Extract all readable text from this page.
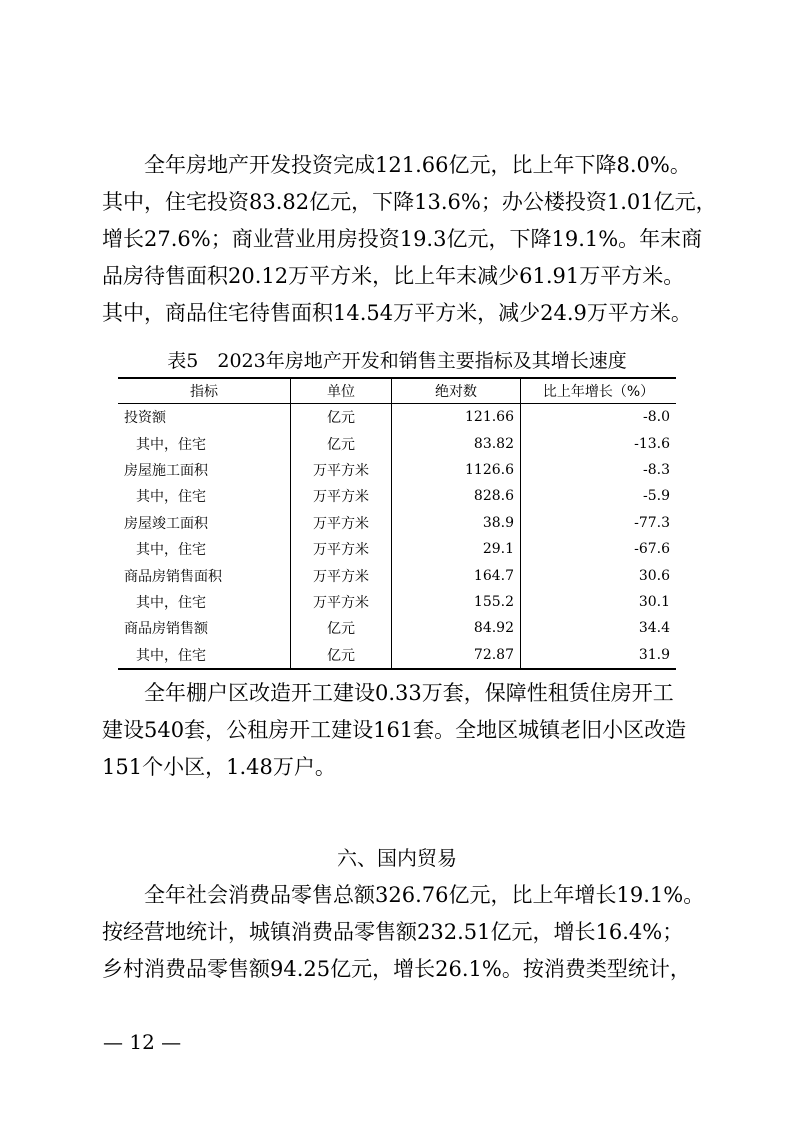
全年房地产开发投资完成121.66亿元，比上年下降8.0%。
其中，住宅投资83.82亿元，下降13.6%；办公楼投资1.01亿元，
增长27.6%；商业营业用房投资19.3亿元，下降19.1%。年末商
品房待售面积20.12万平方米，比上年末减少61.91万平方米。
其中，商品住宅待售面积14.54万平方米，减少24.9万平方米。

表5　2023年房地产开发和销售主要指标及其增长速度
指标	单位	绝对数	比上年增长（%）
投资额	亿元	121.66	-8.0
其中，住宅	亿元	83.82	-13.6
房屋施工面积	万平方米	1126.6	-8.3
其中，住宅	万平方米	828.6	-5.9
房屋竣工面积	万平方米	38.9	-77.3
其中，住宅	万平方米	29.1	-67.6
商品房销售面积	万平方米	164.7	30.6
其中，住宅	万平方米	155.2	30.1
商品房销售额	亿元	84.92	34.4
其中，住宅	亿元	72.87	31.9

全年棚户区改造开工建设0.33万套，保障性租赁住房开工
建设540套，公租房开工建设161套。全地区城镇老旧小区改造
151个小区，1.48万户。

六、国内贸易

全年社会消费品零售总额326.76亿元，比上年增长19.1%。
按经营地统计，城镇消费品零售额232.51亿元，增长16.4%；
乡村消费品零售额94.25亿元，增长26.1%。按消费类型统计，

— 12 —
